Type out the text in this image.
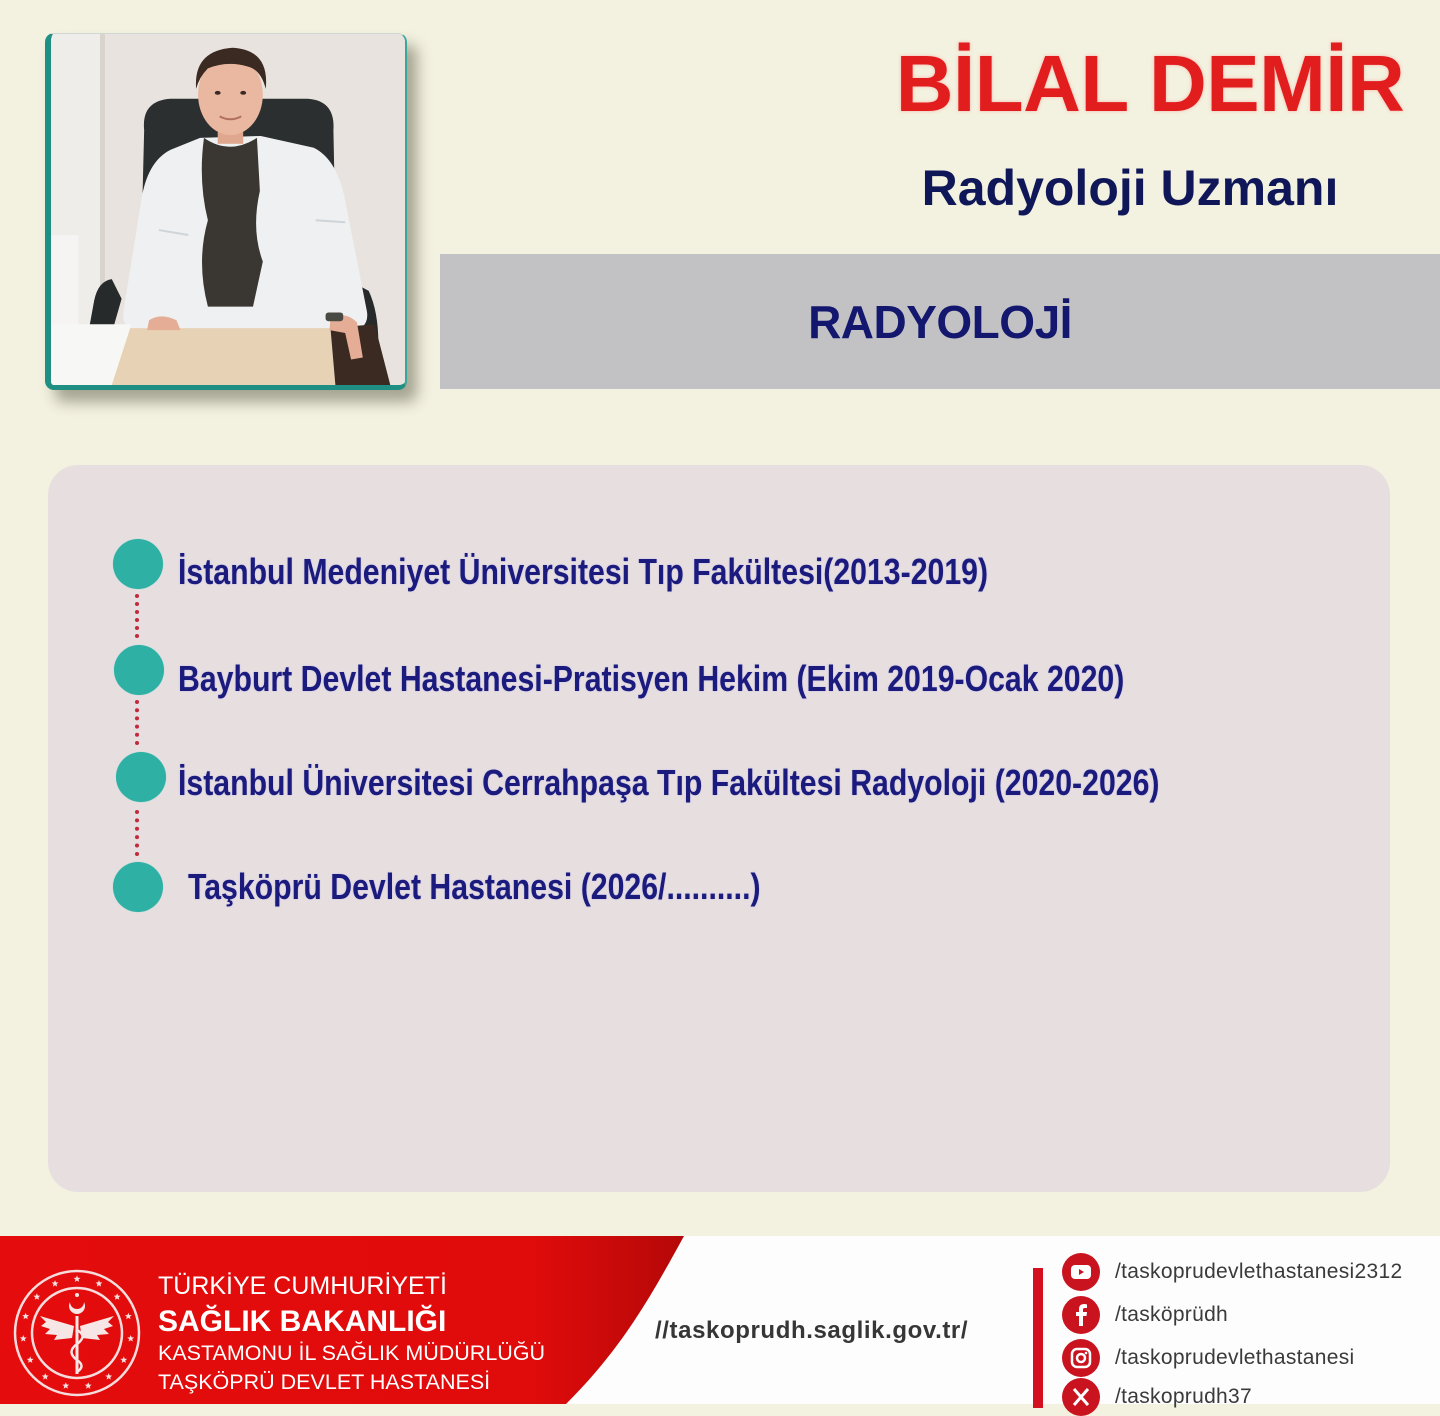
BİLAL DEMİR
Radyoloji Uzmanı
RADYOLOJİ
İstanbul Medeniyet Üniversitesi Tıp Fakültesi(2013-2019)
Bayburt Devlet Hastanesi-Pratisyen Hekim (Ekim 2019-Ocak 2020)
İstanbul Üniversitesi Cerrahpaşa Tıp Fakültesi Radyoloji (2020-2026)
Taşköprü Devlet Hastanesi (2026/..........)
TÜRKİYE CUMHURİYETİ
SAĞLIK BAKANLIĞI
KASTAMONU İL SAĞLIK MÜDÜRLÜĞÜ
TAŞKÖPRÜ DEVLET HASTANESİ
//taskoprudh.saglik.gov.tr/
/taskoprudevlethastanesi2312
/tasköprüdh
/taskoprudevlethastanesi
/taskoprudh37
